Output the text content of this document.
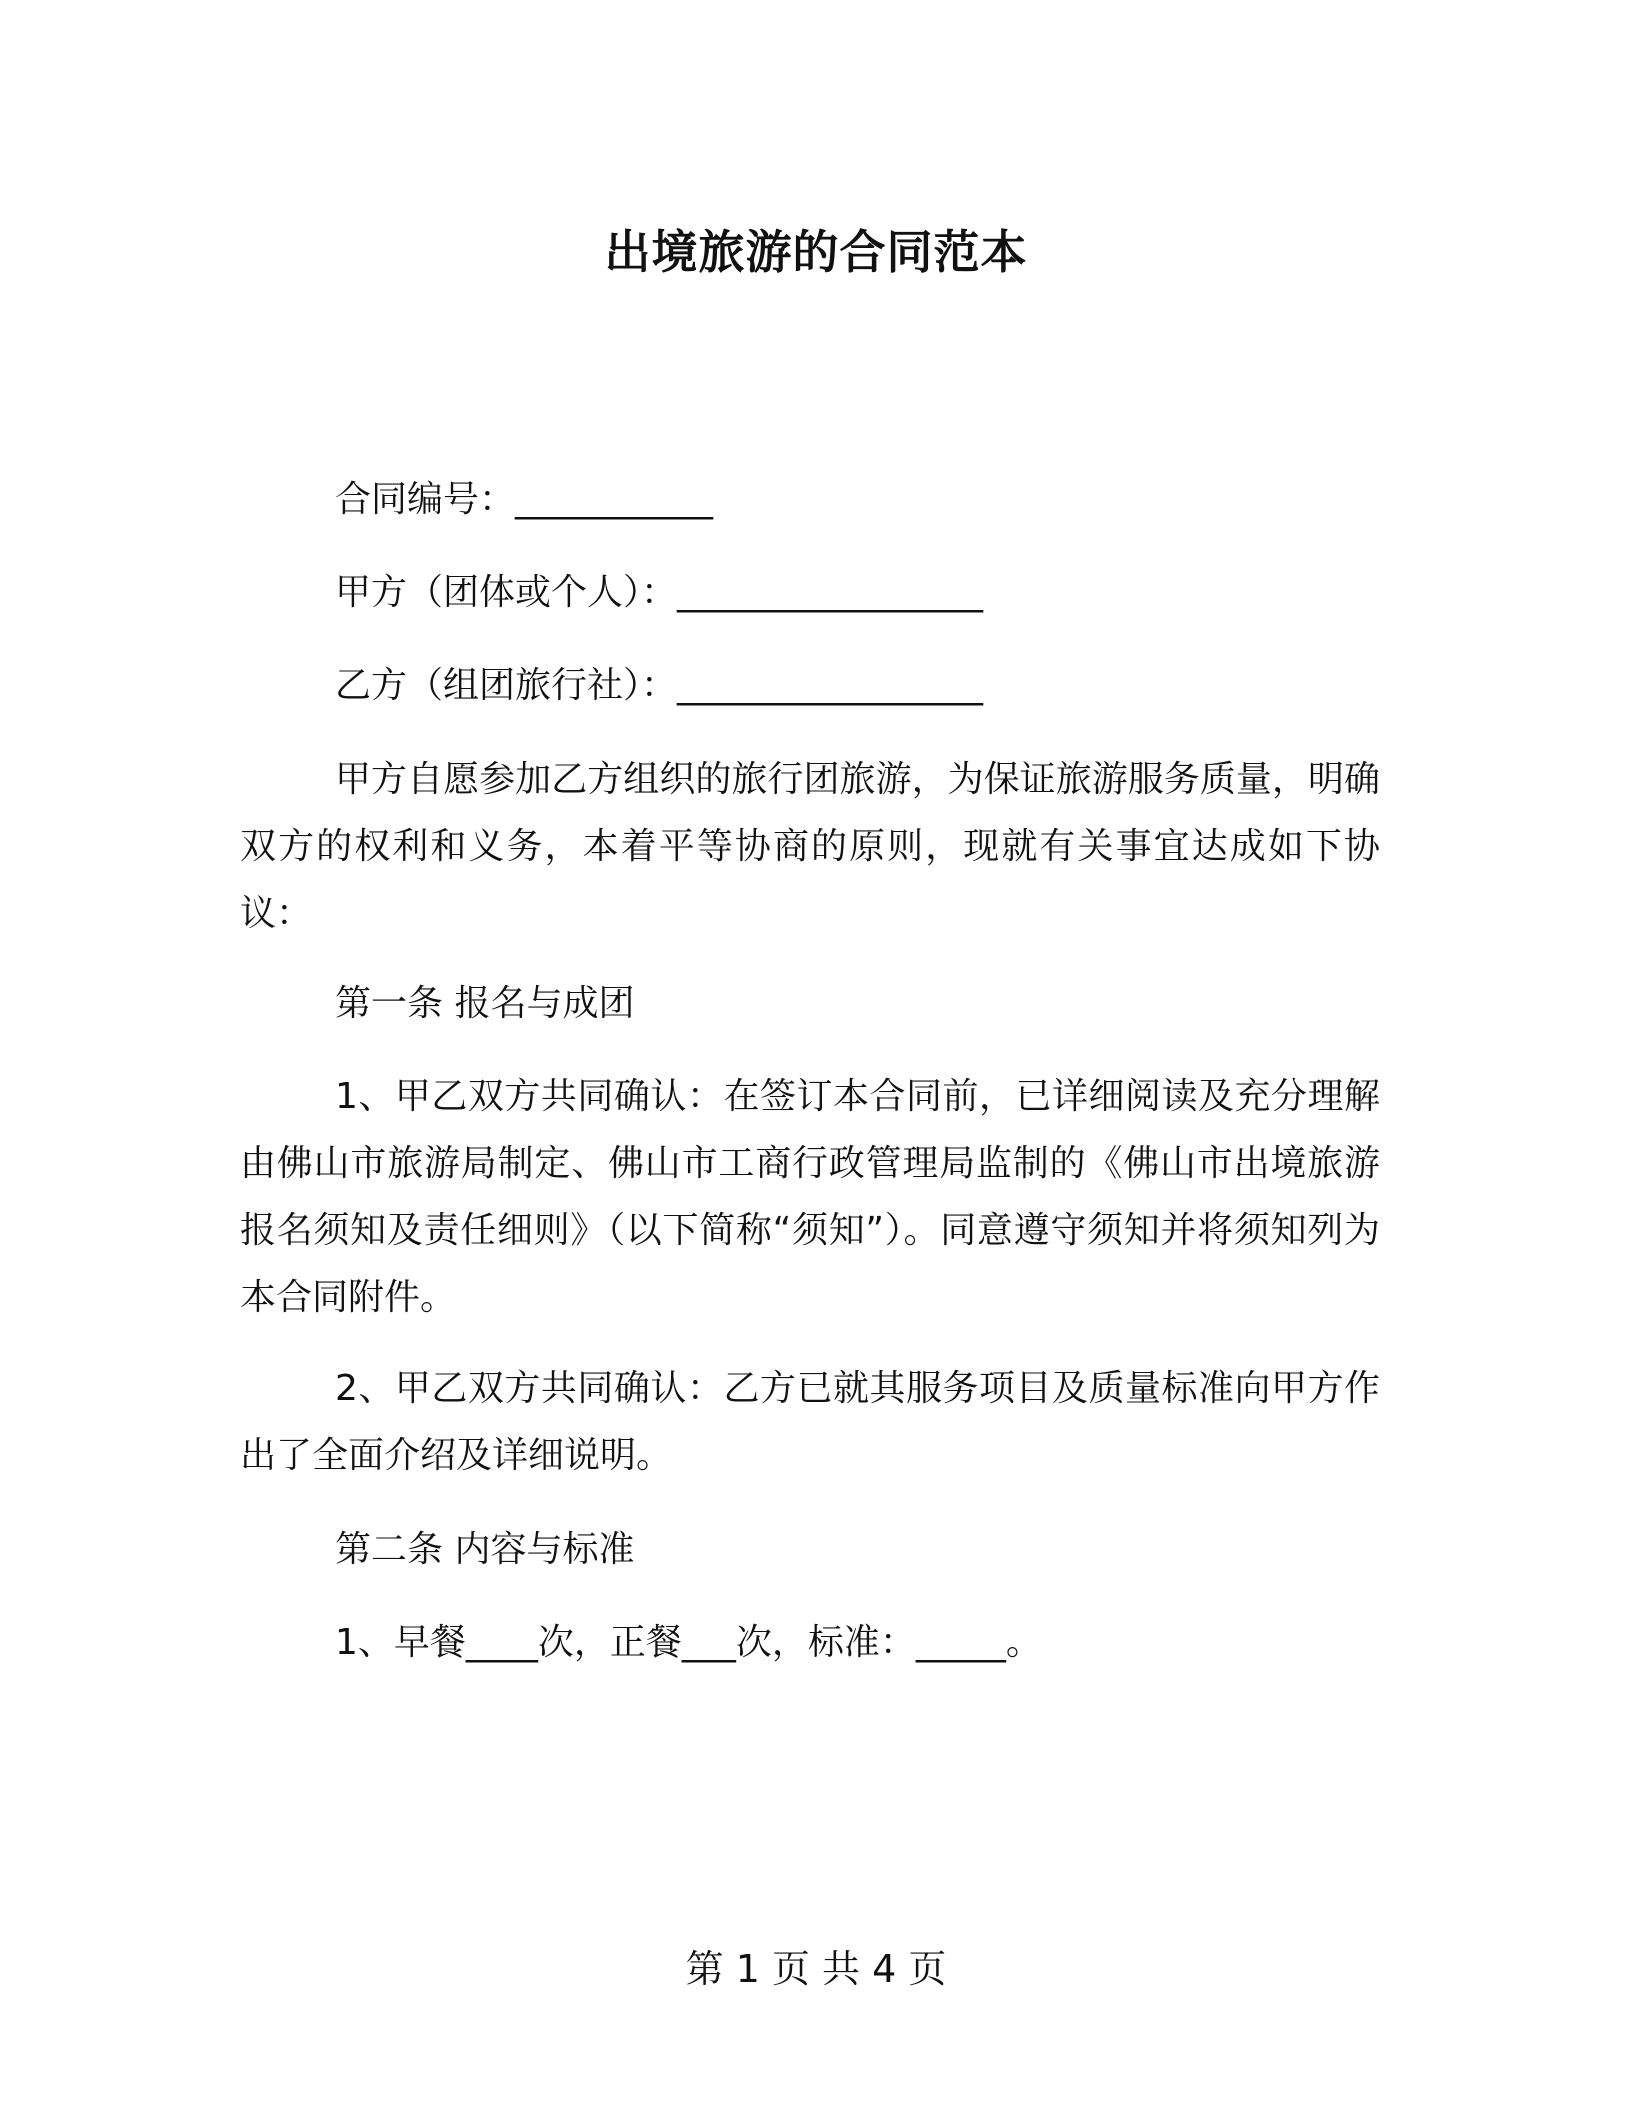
出境旅游的合同范本

合同编号：___________

甲方（团体或个人）：_________________

乙方（组团旅行社）：_________________

甲方自愿参加乙方组织的旅行团旅游，为保证旅游服务质量，明确双方的权利和义务，本着平等协商的原则，现就有关事宜达成如下协议：

第一条 报名与成团

1、甲乙双方共同确认：在签订本合同前，已详细阅读及充分理解由佛山市旅游局制定、佛山市工商行政管理局监制的《佛山市出境旅游报名须知及责任细则》（以下简称“须知”）。同意遵守须知并将须知列为本合同附件。

2、甲乙双方共同确认：乙方已就其服务项目及质量标准向甲方作出了全面介绍及详细说明。

第二条 内容与标准

1、早餐____次，正餐___次，标准：_____。

第 1 页 共 4 页
